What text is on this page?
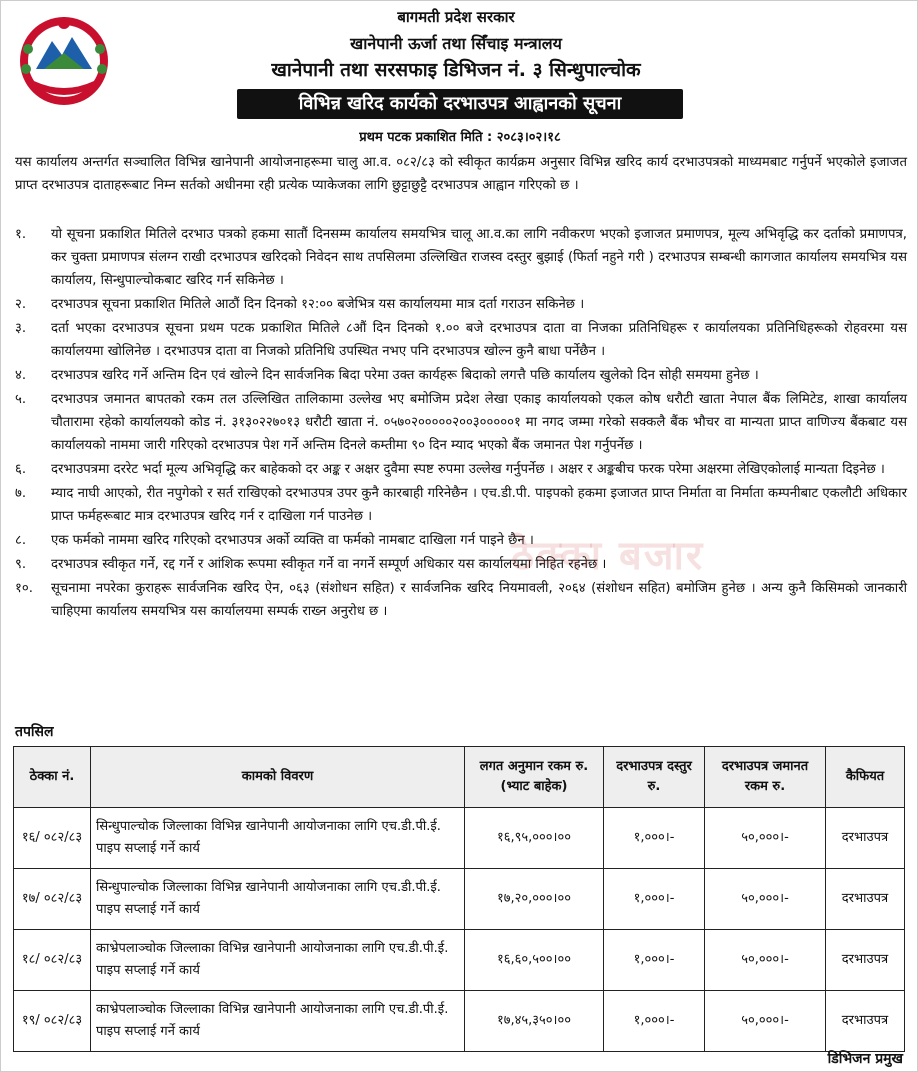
बागमती प्रदेश सरकार
खानेपानी ऊर्जा तथा सिँचाइ मन्त्रालय
खानेपानी तथा सरसफाइ डिभिजन नं. ३ सिन्धुपाल्चोक
विभिन्न खरिद कार्यको दरभाउपत्र आह्वानको सूचना
प्रथम पटक प्रकाशित मिति : २०८३।०२।१८
यस कार्यालय अन्तर्गत सञ्चालित विभिन्न खानेपानी आयोजनाहरूमा चालु आ.व. ०८२/८३ को स्वीकृत कार्यक्रम अनुसार विभिन्न खरिद कार्य दरभाउपत्रको माध्यमबाट गर्नुपर्ने भएकोले इजाजत प्राप्त दरभाउपत्र दाताहरूबाट निम्न सर्तको अधीनमा रही प्रत्येक प्याकेजका लागि छुट्टाछुट्टै दरभाउपत्र आह्वान गरिएको छ ।
१.	यो सूचना प्रकाशित मितिले दरभाउ पत्रको हकमा सातौं दिनसम्म कार्यालय समयभित्र चालू आ.व.का लागि नवीकरण भएको इजाजत प्रमाणपत्र, मूल्य अभिवृद्धि कर दर्ताको प्रमाणपत्र, कर चुक्ता प्रमाणपत्र संलग्न राखी दरभाउपत्र खरिदको निवेदन साथ तपसिलमा उल्लिखित राजस्व दस्तुर बुझाई (फिर्ता नहुने गरी ) दरभाउपत्र सम्बन्धी कागजात कार्यालय समयभित्र यस कार्यालय, सिन्धुपाल्चोकबाट खरिद गर्न सकिनेछ ।
२.	दरभाउपत्र सूचना प्रकाशित मितिले आठौं दिन दिनको १२:०० बजेभित्र यस कार्यालयमा मात्र दर्ता गराउन सकिनेछ ।
३.	दर्ता भएका दरभाउपत्र सूचना प्रथम पटक प्रकाशित मितिले ८औं दिन दिनको १.०० बजे दरभाउपत्र दाता वा निजका प्रतिनिधिहरू र कार्यालयका प्रतिनिधिहरूको रोहवरमा यस कार्यालयमा खोलिनेछ । दरभाउपत्र दाता वा निजको प्रतिनिधि उपस्थित नभए पनि दरभाउपत्र खोल्न कुनै बाधा पर्नेछैन ।
४.	दरभाउपत्र खरिद गर्ने अन्तिम दिन एवं खोल्ने दिन सार्वजनिक बिदा परेमा उक्त कार्यहरू बिदाको लगत्तै पछि कार्यालय खुलेको दिन सोही समयमा हुनेछ ।
५.	दरभाउपत्र जमानत बापतको रकम तल उल्लिखित तालिकामा उल्लेख भए बमोजिम प्रदेश लेखा एकाइ कार्यालयको एकल कोष धरौटी खाता नेपाल बैंक लिमिटेड, शाखा कार्यालय चौतारामा रहेको कार्यालयको कोड नं. ३१३०२२७०१३ धरौटी खाता नं. ०५७०२०००००२००३०००००१ मा नगद जम्मा गरेको सक्कलै बैंक भौचर वा मान्यता प्राप्त वाणिज्य बैंकबाट यस कार्यालयको नाममा जारी गरिएको दरभाउपत्र पेश गर्ने अन्तिम दिनले कम्तीमा ९० दिन म्याद भएको बैंक जमानत पेश गर्नुपर्नेछ ।
६.	दरभाउपत्रमा दररेट भर्दा मूल्य अभिवृद्धि कर बाहेकको दर अङ्क र अक्षर दुवैमा स्पष्ट रुपमा उल्लेख गर्नुपर्नेछ । अक्षर र अङ्कबीच फरक परेमा अक्षरमा लेखिएकोलाई मान्यता दिइनेछ ।
७.	म्याद नाघी आएको, रीत नपुगेको र सर्त राखिएको दरभाउपत्र उपर कुनै कारबाही गरिनेछैन । एच.डी.पी. पाइपको हकमा इजाजत प्राप्त निर्माता वा निर्माता कम्पनीबाट एकलौटी अधिकार प्राप्त फर्महरूबाट मात्र दरभाउपत्र खरिद गर्न र दाखिला गर्न पाउनेछ ।
८.	एक फर्मको नाममा खरिद गरिएको दरभाउपत्र अर्को व्यक्ति वा फर्मको नामबाट दाखिला गर्न पाइने छैन ।
९.	दरभाउपत्र स्वीकृत गर्ने, रद्द गर्ने र आंशिक रूपमा स्वीकृत गर्ने वा नगर्ने सम्पूर्ण अधिकार यस कार्यालयमा निहित रहनेछ ।
१०.	सूचनामा नपरेका कुराहरू सार्वजनिक खरिद ऐन, ०६३ (संशोधन सहित) र सार्वजनिक खरिद नियमावली, २०६४ (संशोधन सहित) बमोजिम हुनेछ । अन्य कुनै किसिमको जानकारी चाहिएमा कार्यालय समयभित्र यस कार्यालयमा सम्पर्क राख्न अनुरोध छ ।
ठेक्का बजार
तपसिल
ठेक्का नं.	कामको विवरण	लगत अनुमान रकम रु. (भ्याट बाहेक)	दरभाउपत्र दस्तुर रु.	दरभाउपत्र जमानत रकम रु.	कैफियत
१६/ ०८२/८३	सिन्धुपाल्चोक जिल्लाका विभिन्न खानेपानी आयोजनाका लागि एच.डी.पी.ई. पाइप सप्लाई गर्ने कार्य	१६,९५,०००।००	१,०००।-	५०,०००।-	दरभाउपत्र
१७/ ०८२/८३	सिन्धुपाल्चोक जिल्लाका विभिन्न खानेपानी आयोजनाका लागि एच.डी.पी.ई. पाइप सप्लाई गर्ने कार्य	१७,२०,०००।००	१,०००।-	५०,०००।-	दरभाउपत्र
१८/ ०८२/८३	काभ्रेपलाञ्चोक जिल्लाका विभिन्न खानेपानी आयोजनाका लागि एच.डी.पी.ई. पाइप सप्लाई गर्ने कार्य	१६,६०,५००।००	१,०००।-	५०,०००।-	दरभाउपत्र
१९/ ०८२/८३	काभ्रेपलाञ्चोक जिल्लाका विभिन्न खानेपानी आयोजनाका लागि एच.डी.पी.ई. पाइप सप्लाई गर्ने कार्य	१७,४५,३५०।००	१,०००।-	५०,०००।-	दरभाउपत्र
डिभिजन प्रमुख
